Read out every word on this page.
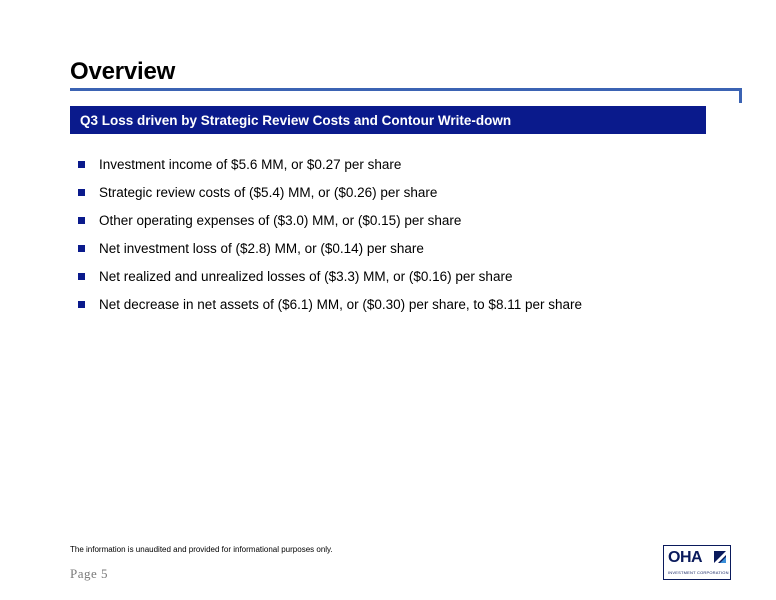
Overview
Q3 Loss driven by Strategic Review Costs and Contour Write-down
Investment income of $5.6 MM, or $0.27 per share
Strategic review costs of ($5.4) MM, or ($0.26) per share
Other operating expenses of ($3.0) MM, or ($0.15) per share
Net investment loss of ($2.8) MM, or ($0.14) per share
Net realized and unrealized losses of ($3.3) MM, or ($0.16) per share
Net decrease in net assets of ($6.1) MM, or ($0.30) per share, to $8.11 per share
The information is unaudited and provided for informational purposes only.
Page 5
OHA
INVESTMENT CORPORATION
